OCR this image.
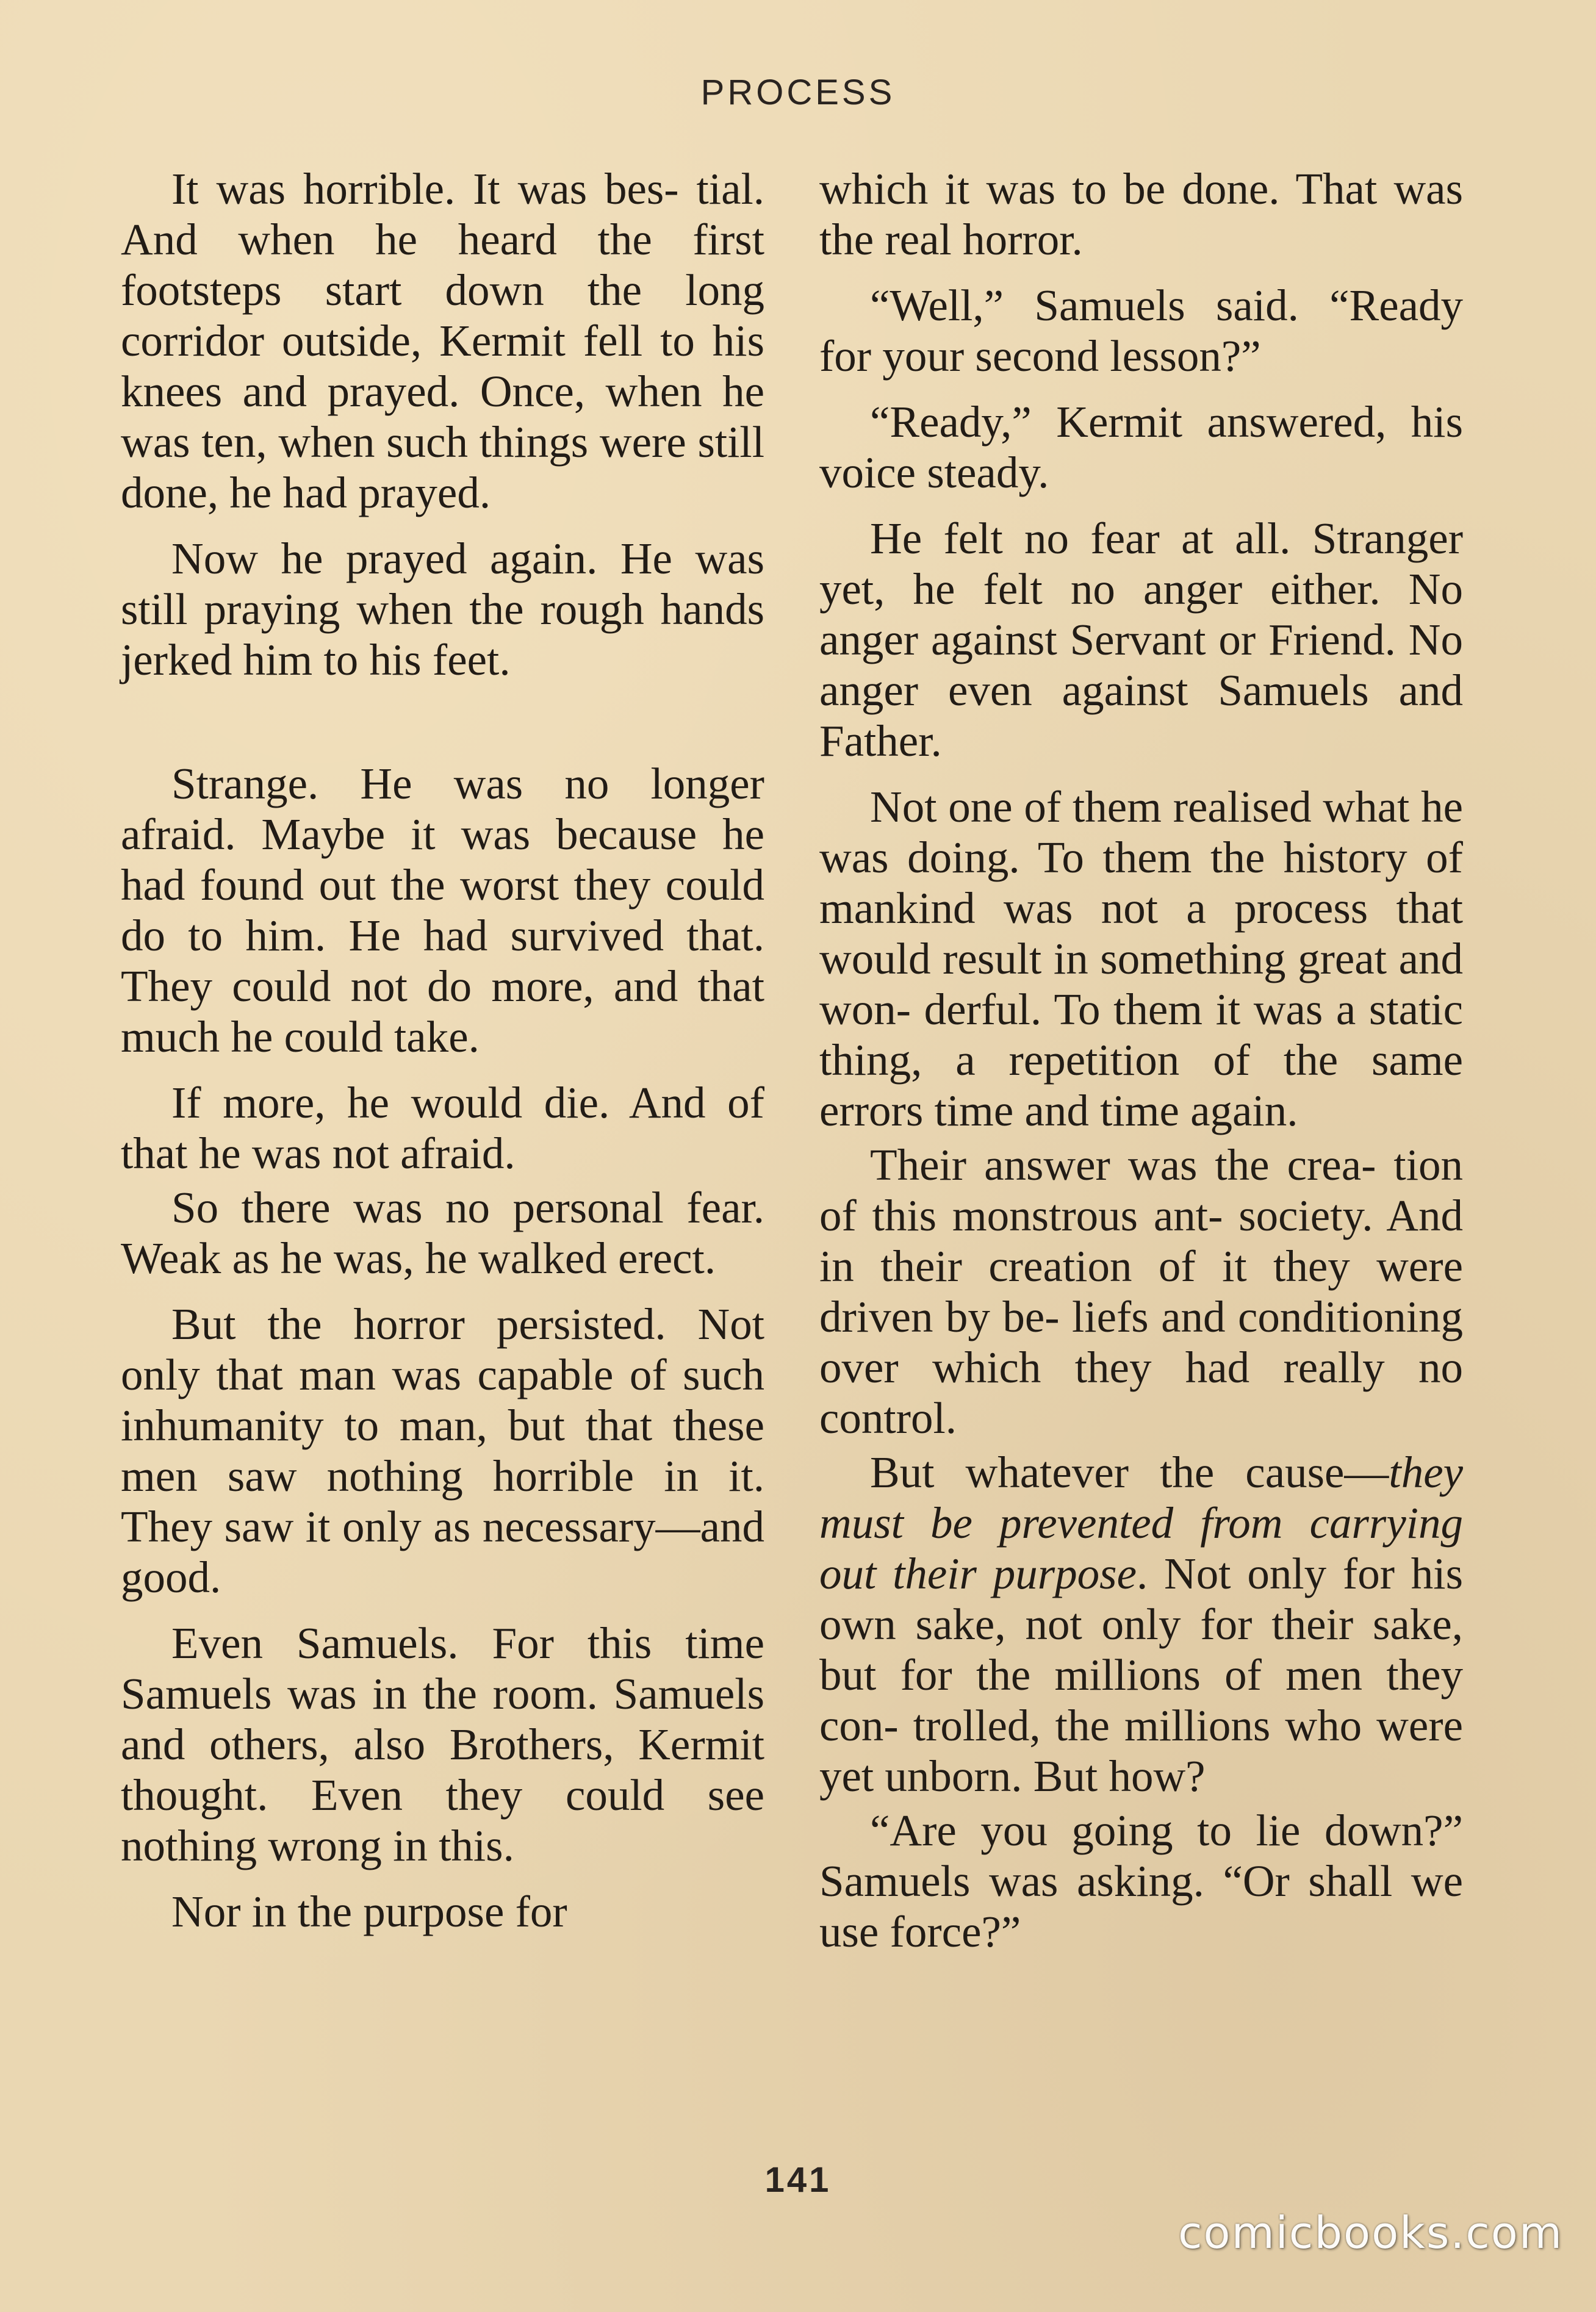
PROCESS

It was horrible. It was bes- tial. And when he heard the first footsteps start down the long corridor outside, Kermit fell to his knees and prayed. Once, when he was ten, when such things were still done, he had prayed.

Now he prayed again. He was still praying when the rough hands jerked him to his feet.

Strange. He was no longer afraid. Maybe it was because he had found out the worst they could do to him. He had survived that. They could not do more, and that much he could take.

If more, he would die. And of that he was not afraid.

So there was no personal fear. Weak as he was, he walked erect.

But the horror persisted. Not only that man was capable of such inhumanity to man, but that these men saw nothing horrible in it. They saw it only as necessary—and good.

Even Samuels. For this time Samuels was in the room. Samuels and others, also Brothers, Kermit thought. Even they could see nothing wrong in this.

Nor in the purpose for

which it was to be done. That was the real horror.

“Well,” Samuels said. “Ready for your second lesson?”

“Ready,” Kermit answered, his voice steady.

He felt no fear at all. Stranger yet, he felt no anger either. No anger against Servant or Friend. No anger even against Samuels and Father.

Not one of them realised what he was doing. To them the history of mankind was not a process that would result in something great and won- derful. To them it was a static thing, a repetition of the same errors time and time again.

Their answer was the crea- tion of this monstrous ant- society. And in their creation of it they were driven by be- liefs and conditioning over which they had really no control.

But whatever the cause—they must be prevented from carrying out their purpose. Not only for his own sake, not only for their sake, but for the millions of men they con- trolled, the millions who were yet unborn. But how?

“Are you going to lie down?” Samuels was asking. “Or shall we use force?”

141
comicbooks.com
